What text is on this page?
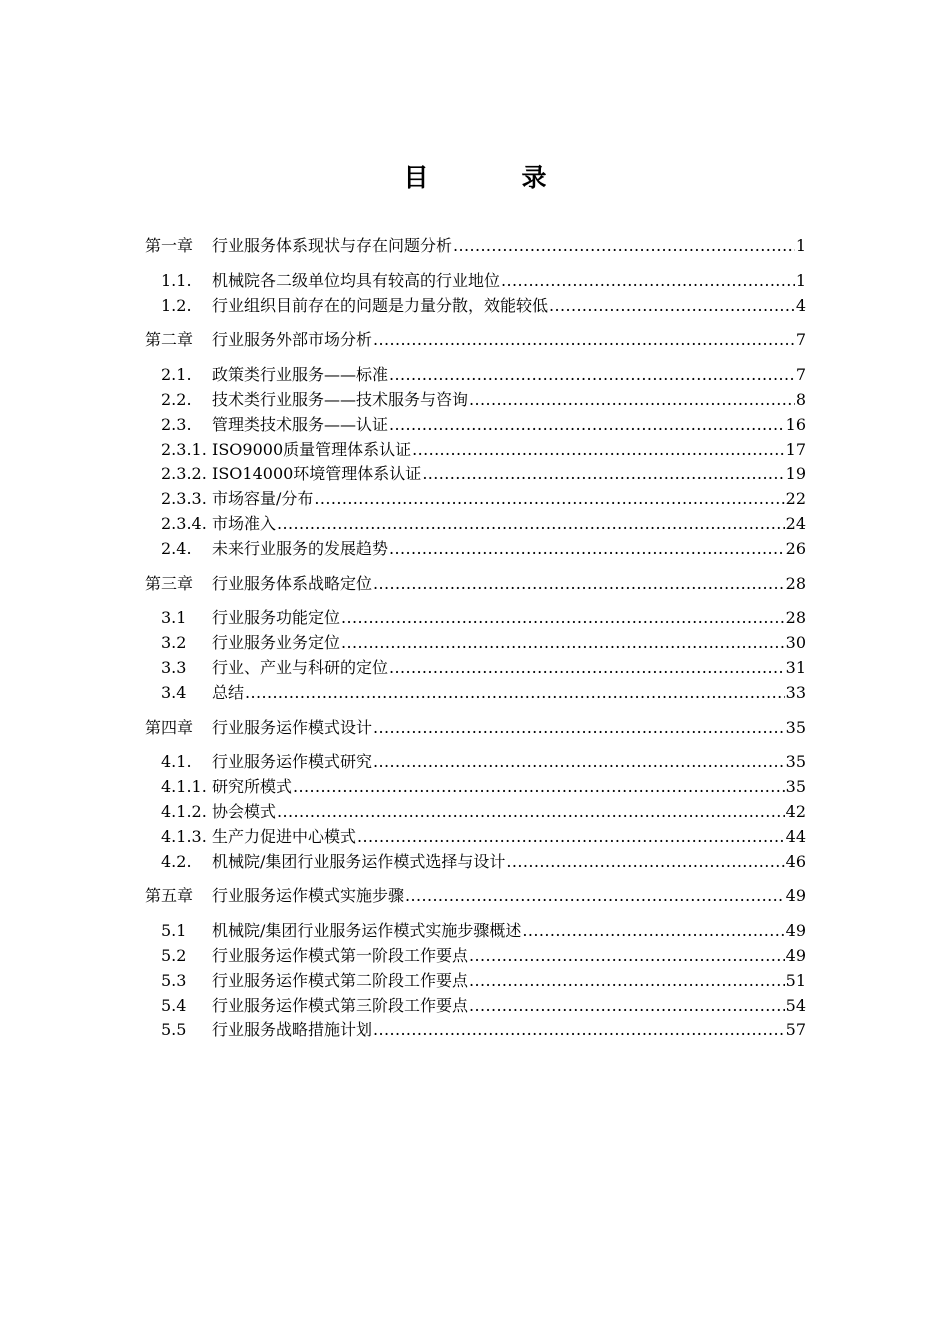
目　录
第一章	行业服务体系现状与存在问题分析 .....	1
1.1.	机械院各二级单位均具有较高的行业地位 .....	1
1.2.	行业组织目前存在的问题是力量分散，效能较低 .....	4
第二章	行业服务外部市场分析 .....	7
2.1.	政策类行业服务——标准 .....	7
2.2.	技术类行业服务——技术服务与咨询 .....	8
2.3.	管理类技术服务——认证 .....	16
2.3.1. ISO9000质量管理体系认证 .....	17
2.3.2. ISO14000环境管理体系认证 .....	19
2.3.3. 市场容量/分布 .....	22
2.3.4. 市场准入 .....	24
2.4.	未来行业服务的发展趋势 .....	26
第三章	行业服务体系战略定位 .....	28
3.1	行业服务功能定位 .....	28
3.2	行业服务业务定位 .....	30
3.3	行业、产业与科研的定位 .....	31
3.4	总结 .....	33
第四章	行业服务运作模式设计 .....	35
4.1.	行业服务运作模式研究 .....	35
4.1.1. 研究所模式 .....	35
4.1.2. 协会模式 .....	42
4.1.3. 生产力促进中心模式 .....	44
4.2.	机械院/集团行业服务运作模式选择与设计 .....	46
第五章	行业服务运作模式实施步骤 .....	49
5.1	机械院/集团行业服务运作模式实施步骤概述 .....	49
5.2	行业服务运作模式第一阶段工作要点 .....	49
5.3	行业服务运作模式第二阶段工作要点 .....	51
5.4	行业服务运作模式第三阶段工作要点 .....	54
5.5	行业服务战略措施计划 .....	57
